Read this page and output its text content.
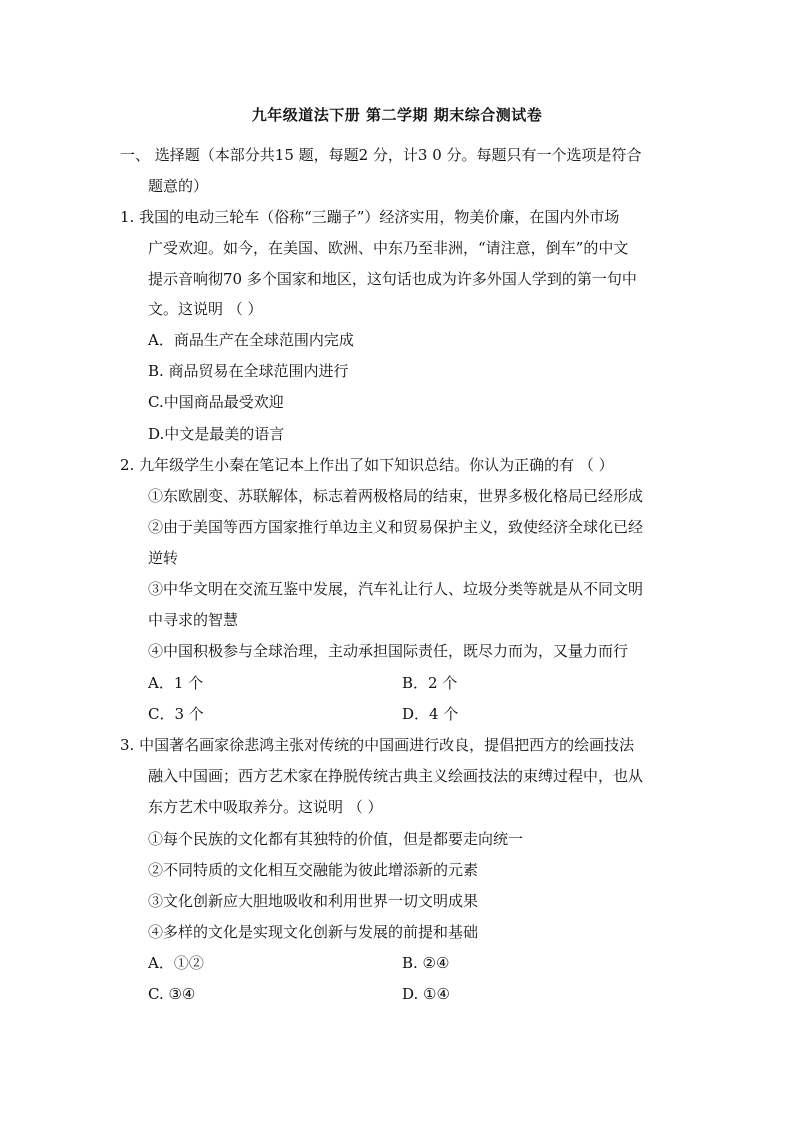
九年级道法下册 第二学期 期末综合测试卷
一、 选择题（本部分共15 题，每题2 分，计3 0 分。每题只有一个选项是符合
题意的）
1. 我国的电动三轮车（俗称“三蹦子”）经济实用，物美价廉，在国内外市场
广受欢迎。如今，在美国、欧洲、中东乃至非洲，“请注意，倒车”的中文
提示音响彻70 多个国家和地区，这句话也成为许多外国人学到的第一句中
文。这说明 （ ）
A．商品生产在全球范围内完成
B. 商品贸易在全球范围内进行
C.中国商品最受欢迎
D.中文是最美的语言
2. 九年级学生小秦在笔记本上作出了如下知识总结。你认为正确的有 （ ）
①东欧剧变、苏联解体，标志着两极格局的结束，世界多极化格局已经形成
②由于美国等西方国家推行单边主义和贸易保护主义，致使经济全球化已经
逆转
③中华文明在交流互鉴中发展，汽车礼让行人、垃圾分类等就是从不同文明
中寻求的智慧
④中国积极参与全球治理，主动承担国际责任，既尽力而为，又量力而行
A．1 个	B．2 个
C．3 个	D．4 个
3. 中国著名画家徐悲鸿主张对传统的中国画进行改良，提倡把西方的绘画技法
融入中国画；西方艺术家在挣脱传统古典主义绘画技法的束缚过程中，也从
东方艺术中吸取养分。这说明 （ ）
①每个民族的文化都有其独特的价值，但是都要走向统一
②不同特质的文化相互交融能为彼此增添新的元素
③文化创新应大胆地吸收和利用世界一切文明成果
④多样的文化是实现文化创新与发展的前提和基础
A．①②	B. ②④
C. ③④	D. ①④
